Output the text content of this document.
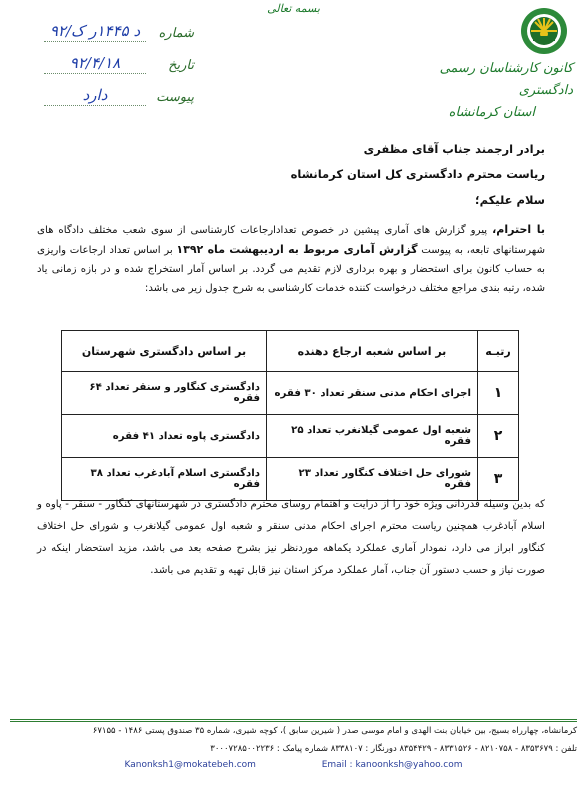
بسمه تعالی
کانون کارشناسان رسمی دادگستری
استان کرمانشاه
شماره
۹۲/د ۱۴۴۵ر ک
تاریخ
۹۲/۴/۱۸
پیوست
دارد
برادر ارجمند جناب آقای مظفری
ریاست محترم دادگستری کل استان کرمانشاه
سلام علیکم؛
با احترام، پیرو گزارش های آماری پیشین در خصوص تعدادارجاعات کارشناسی از سوی شعب مختلف دادگاه های شهرستانهای تابعه، به پیوست گزارش آماری مربوط به اردیبهشت ماه ۱۳۹۲ بر اساس تعداد ارجاعات واریزی به حساب کانون برای استحضار و بهره برداری لازم تقدیم می گردد. بر اساس آمار استخراج شده و در بازه زمانی یاد شده، رتبه بندی مراجع مختلف درخواست کننده خدمات کارشناسی به شرح جدول زیر می باشد:
رتبـه	بر اساس شعبه ارجاع دهنده	بر اساس دادگستری شهرستان
۱	اجرای احکام مدنی سنقر تعداد ۳۰ فقره	دادگستری کنگاور و سنقر تعداد ۶۴ فقره
۲	شعبه اول عمومی گیلانغرب تعداد ۲۵ فقره	دادگستری پاوه تعداد ۴۱ فقره
۳	شورای حل اختلاف کنگاور تعداد ۲۳ فقره	دادگستری اسلام آبادغرب تعداد ۳۸ فقره
که بدین وسیله قدردانی ویژه خود را از درایت و اهتمام روسای محترم دادگستری در شهرستانهای کنگاور - سنقر - پاوه و اسلام آبادغرب همچنین ریاست محترم اجرای احکام مدنی سنقر و شعبه اول عمومی گیلانغرب و شورای حل اختلاف کنگاور ابراز می دارد، نمودار آماری عملکرد یکماهه موردنظر نیز بشرح صفحه بعد می باشد، مزید استحضار اینکه در صورت نیاز و حسب دستور آن جناب، آمار عملکرد مرکز استان نیز قابل تهیه و تقدیم می باشد.
کرمانشاه، چهارراه بسیج، بین خیابان بنت الهدی و امام موسی صدر ( شیرین سابق )، کوچه شیری، شماره ۳۵ صندوق پستی ۱۴۸۶ - ۶۷۱۵۵
تلفن : ۸۳۵۳۶۷۹ - ۸۲۱۰۷۵۸ - ۸۳۳۱۵۲۶ - ۸۳۵۴۴۲۹ دورنگار : ۸۳۳۸۱۰۷ شماره پیامک : ۳۰۰۰۷۲۸۵۰۰۲۲۳۶
Kanonksh1@mokatebeh.com	Email : kanoonksh@yahoo.com
